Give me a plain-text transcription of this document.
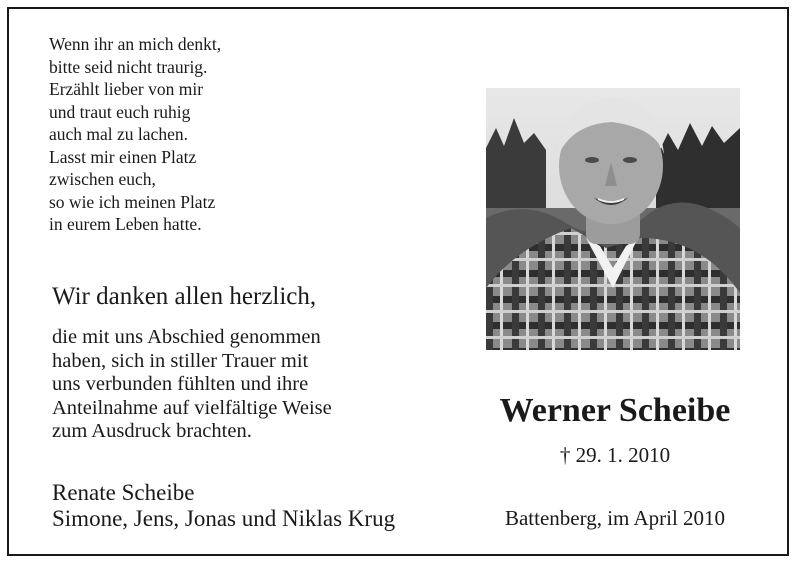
Wenn ihr an mich denkt,
bitte seid nicht traurig.
Erzählt lieber von mir
und traut euch ruhig
auch mal zu lachen.
Lasst mir einen Platz
zwischen euch,
so wie ich meinen Platz
in eurem Leben hatte.
Wir danken allen herzlich,
die mit uns Abschied genommen
haben, sich in stiller Trauer mit
uns verbunden fühlten und ihre
Anteilnahme auf vielfältige Weise
zum Ausdruck brachten.
Renate Scheibe
Simone, Jens, Jonas und Niklas Krug
Werner Scheibe
† 29. 1. 2010
Battenberg, im April 2010
